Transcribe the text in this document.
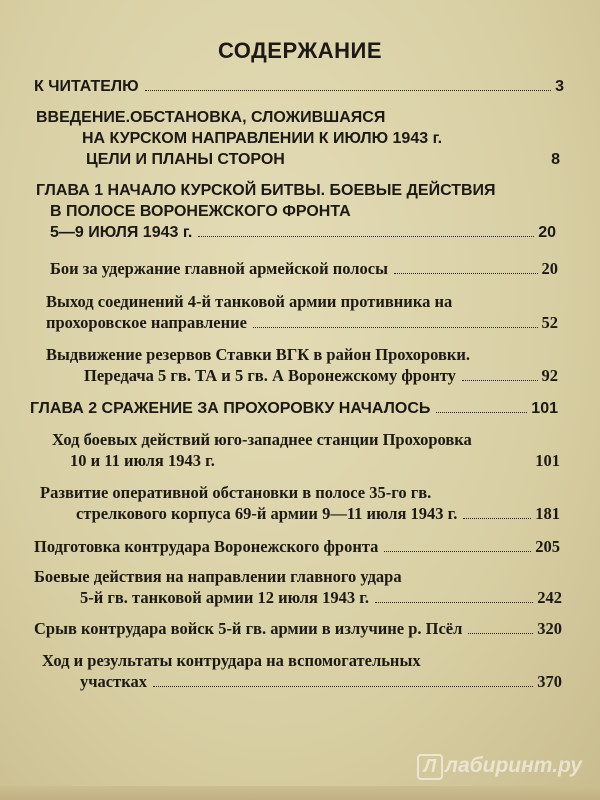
СОДЕРЖАНИЕ
К ЧИТАТЕЛЮ	3
ВВЕДЕНИЕ.ОБСТАНОВКА, СЛОЖИВШАЯСЯ
НА КУРСКОМ НАПРАВЛЕНИИ К ИЮЛЮ 1943 г.
ЦЕЛИ И ПЛАНЫ СТОРОН	8
ГЛАВА 1 НАЧАЛО КУРСКОЙ БИТВЫ. БОЕВЫЕ ДЕЙСТВИЯ
В ПОЛОСЕ ВОРОНЕЖСКОГО ФРОНТА
5—9 ИЮЛЯ 1943 г.	20
Бои за удержание главной армейской полосы	20
Выход соединений 4-й танковой армии противника на
прохоровское направление	52
Выдвижение резервов Ставки ВГК в район Прохоровки.
Передача 5 гв. ТА и 5 гв. А Воронежскому фронту	92
ГЛАВА 2 СРАЖЕНИЕ ЗА ПРОХОРОВКУ НАЧАЛОСЬ	101
Ход боевых действий юго-западнее станции Прохоровка
10 и 11 июля 1943 г.	101
Развитие оперативной обстановки в полосе 35-го гв.
стрелкового корпуса 69-й армии 9—11 июля 1943 г.	181
Подготовка контрудара Воронежского фронта	205
Боевые действия на направлении главного удара
5-й гв. танковой армии 12 июля 1943 г.	242
Срыв контрудара войск 5-й гв. армии в излучине р. Псёл	320
Ход и результаты контрудара на вспомогательных
участках	370
Л лабиринт.ру
